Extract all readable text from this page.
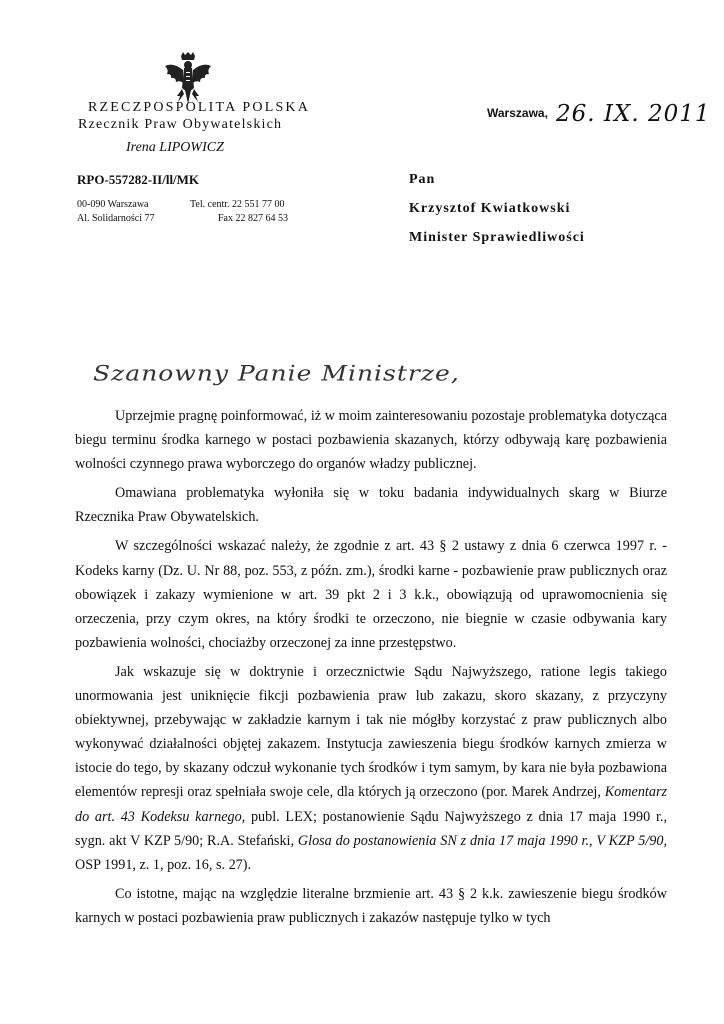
RZECZPOSPOLITA POLSKA
Rzecznik Praw Obywatelskich
Irena LIPOWICZ
RPO-557282-II/ll/MK
00-090 Warszawa
Al. Solidarności 77
Tel. centr. 22 551 77 00
Fax 22 827 64 53
Warszawa, 26. IX. 2011
Pan
Krzysztof Kwiatkowski
Minister Sprawiedliwości
Szanowny Panie Ministrze,

Uprzejmie pragnę poinformować, iż w moim zainteresowaniu pozostaje problematyka dotycząca biegu terminu środka karnego w postaci pozbawienia skazanych, którzy odbywają karę pozbawienia wolności czynnego prawa wyborczego do organów władzy publicznej.

Omawiana problematyka wyłoniła się w toku badania indywidualnych skarg w Biurze Rzecznika Praw Obywatelskich.

W szczególności wskazać należy, że zgodnie z art. 43 § 2 ustawy z dnia 6 czerwca 1997 r. - Kodeks karny (Dz. U. Nr 88, poz. 553, z późn. zm.), środki karne - pozbawienie praw publicznych oraz obowiązek i zakazy wymienione w art. 39 pkt 2 i 3 k.k., obowiązują od uprawomocnienia się orzeczenia, przy czym okres, na który środki te orzeczono, nie biegnie w czasie odbywania kary pozbawienia wolności, chociażby orzeczonej za inne przestępstwo.

Jak wskazuje się w doktrynie i orzecznictwie Sądu Najwyższego, ratione legis takiego unormowania jest uniknięcie fikcji pozbawienia praw lub zakazu, skoro skazany, z przyczyny obiektywnej, przebywając w zakładzie karnym i tak nie mógłby korzystać z praw publicznych albo wykonywać działalności objętej zakazem. Instytucja zawieszenia biegu środków karnych zmierza w istocie do tego, by skazany odczuł wykonanie tych środków i tym samym, by kara nie była pozbawiona elementów represji oraz spełniała swoje cele, dla których ją orzeczono (por. Marek Andrzej, Komentarz do art. 43 Kodeksu karnego, publ. LEX; postanowienie Sądu Najwyższego z dnia 17 maja 1990 r., sygn. akt V KZP 5/90; R.A. Stefański, Glosa do postanowienia SN z dnia 17 maja 1990 r., V KZP 5/90, OSP 1991, z. 1, poz. 16, s. 27).

Co istotne, mając na względzie literalne brzmienie art. 43 § 2 k.k. zawieszenie biegu środków karnych w postaci pozbawienia praw publicznych i zakazów następuje tylko w tych
